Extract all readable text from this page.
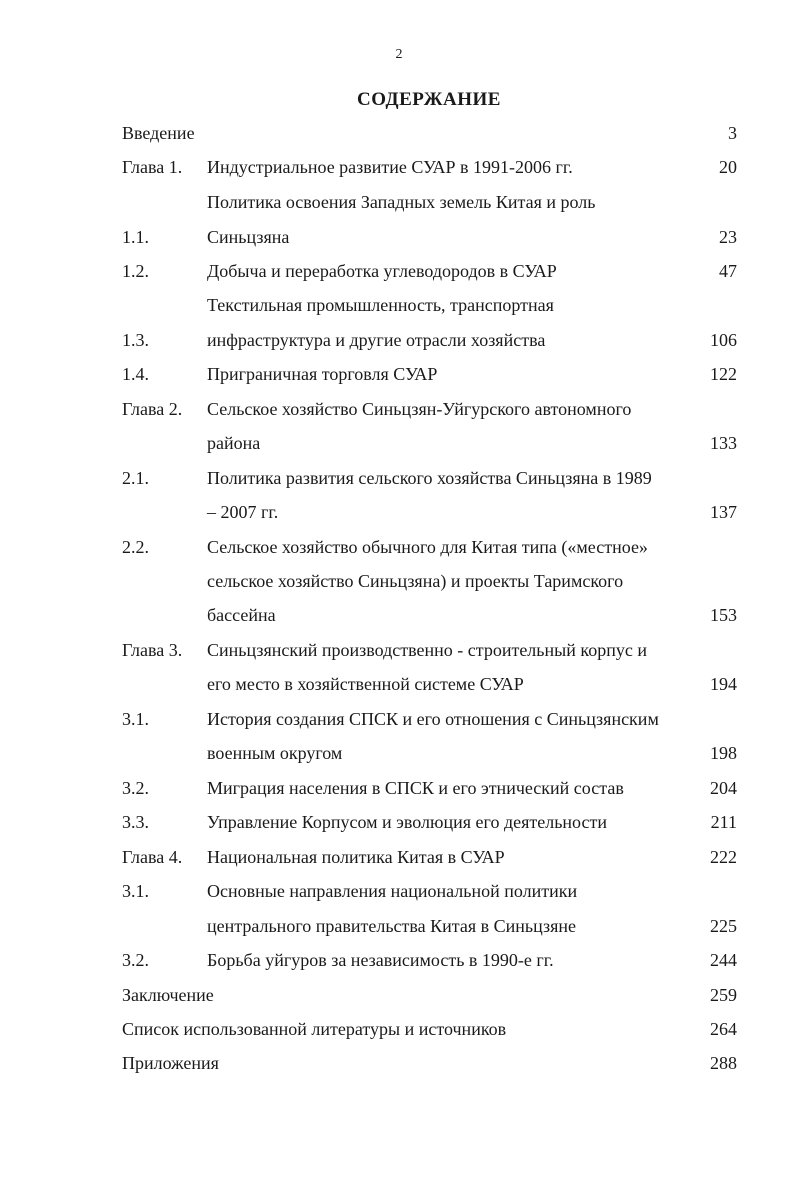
2
СОДЕРЖАНИЕ
Введение	3
Глава 1. Индустриальное развитие СУАР в 1991-2006 гг.	20
Политика освоения Западных земель Китая и роль
1.1.	Синьцзяна	23
1.2.	Добыча и переработка углеводородов в СУАР	47
Текстильная промышленность, транспортная
1.3.	инфраструктура и другие отрасли хозяйства	106
1.4.	Приграничная торговля СУАР	122
Глава 2. Сельское хозяйство Синьцзян-Уйгурского автономного
района	133
2.1.	Политика развития сельского хозяйства Синьцзяна в 1989
– 2007 гг.	137
2.2.	Сельское хозяйство обычного для Китая типа («местное»
сельское хозяйство Синьцзяна) и проекты Таримского
бассейна	153
Глава 3. Синьцзянский производственно - строительный корпус и
его место в хозяйственной системе СУАР	194
3.1.	История создания СПСК и его отношения с Синьцзянским
военным округом	198
3.2.	Миграция населения в СПСК и его этнический состав	204
3.3.	Управление Корпусом и эволюция его деятельности	211
Глава 4. Национальная политика Китая в СУАР	222
3.1.	Основные направления национальной политики
центрального правительства Китая в Синьцзяне	225
3.2.	Борьба уйгуров за независимость в 1990-е гг.	244
Заключение	259
Список использованной литературы и источников	264
Приложения	288
